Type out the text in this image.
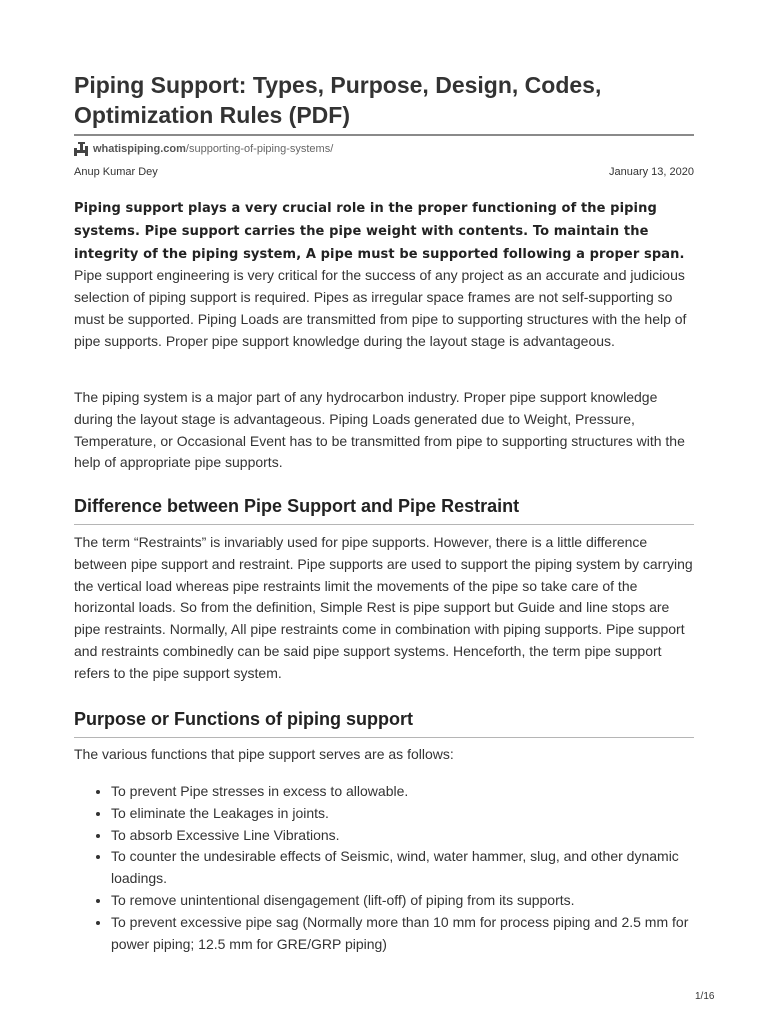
Piping Support: Types, Purpose, Design, Codes, Optimization Rules (PDF)
whatispiping.com /supporting-of-piping-systems/
Anup Kumar Dey	January 13, 2020

Piping support plays a very crucial role in the proper functioning of the piping systems. Pipe support carries the pipe weight with contents. To maintain the integrity of the piping system, A pipe must be supported following a proper span. Pipe support engineering is very critical for the success of any project as an accurate and judicious selection of piping support is required. Pipes as irregular space frames are not self-supporting so must be supported. Piping Loads are transmitted from pipe to supporting structures with the help of pipe supports. Proper pipe support knowledge during the layout stage is advantageous.

The piping system is a major part of any hydrocarbon industry. Proper pipe support knowledge during the layout stage is advantageous. Piping Loads generated due to Weight, Pressure, Temperature, or Occasional Event has to be transmitted from pipe to supporting structures with the help of appropriate pipe supports.

Difference between Pipe Support and Pipe Restraint

The term “Restraints” is invariably used for pipe supports. However, there is a little difference between pipe support and restraint. Pipe supports are used to support the piping system by carrying the vertical load whereas pipe restraints limit the movements of the pipe so take care of the horizontal loads. So from the definition, Simple Rest is pipe support but Guide and line stops are pipe restraints. Normally, All pipe restraints come in combination with piping supports. Pipe support and restraints combinedly can be said pipe support systems. Henceforth, the term pipe support refers to the pipe support system.

Purpose or Functions of piping support

The various functions that pipe support serves are as follows:

• To prevent Pipe stresses in excess to allowable.
• To eliminate the Leakages in joints.
• To absorb Excessive Line Vibrations.
• To counter the undesirable effects of Seismic, wind, water hammer, slug, and other dynamic loadings.
• To remove unintentional disengagement (lift-off) of piping from its supports.
• To prevent excessive pipe sag (Normally more than 10 mm for process piping and 2.5 mm for power piping; 12.5 mm for GRE/GRP piping)
1/16
